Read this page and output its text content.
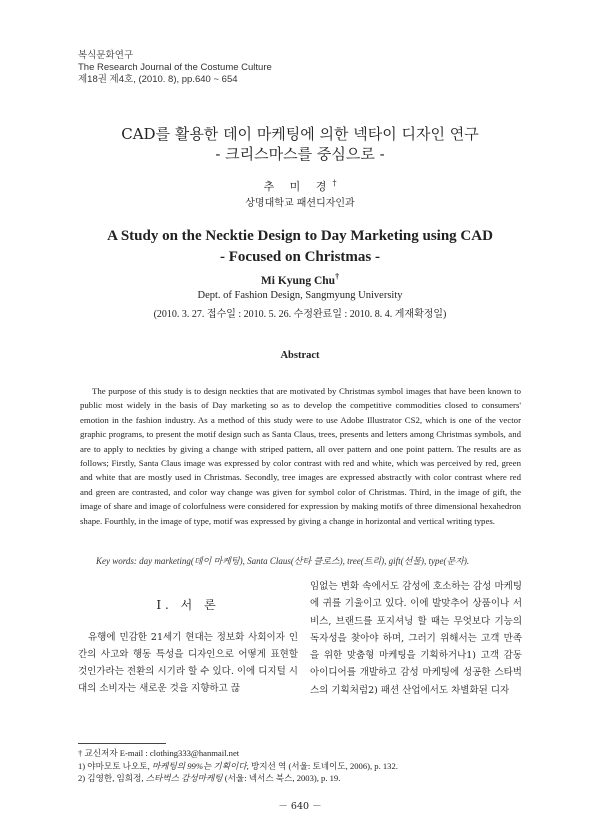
복식문화연구
The Research Journal of the Costume Culture
제18권 제4호, (2010. 8), pp.640 ~ 654
CAD를 활용한 데이 마케팅에 의한 넥타이 디자인 연구
- 크리스마스를 중심으로 -
추 미 경†
상명대학교 패션디자인과
A Study on the Necktie Design to Day Marketing using CAD
- Focused on Christmas -
Mi Kyung Chu†
Dept. of Fashion Design, Sangmyung University
(2010. 3. 27. 접수일 : 2010. 5. 26. 수정완료일 : 2010. 8. 4. 게재확정일)
Abstract
The purpose of this study is to design neckties that are motivated by Christmas symbol images that have been known to public most widely in the basis of Day marketing so as to develop the competitive commodities closed to consumers' emotion in the fashion industry. As a method of this study were to use Adobe Illustrator CS2, which is one of the vector graphic programs, to present the motif design such as Santa Claus, trees, presents and letters among Christmas symbols, and are to apply to neckties by giving a change with striped pattern, all over pattern and one point pattern. The results are as follows; Firstly, Santa Claus image was expressed by color contrast with red and white, which was perceived by red, green and white that are mostly used in Christmas. Secondly, tree images are expressed abstractly with color contrast where red and green are contrasted, and color way change was given for symbol color of Christmas. Third, in the image of gift, the image of share and image of colorfulness were considered for expression by making motifs of three dimensional hexahedron shape. Fourthly, in the image of type, motif was expressed by giving a change in horizontal and vertical writing types.
Key words: day marketing(데이 마케팅), Santa Claus(산타 클로스), tree(트리), gift(선물), type(문자).
Ⅰ. 서 론
유행에 민감한 21세기 현대는 정보화 사회이자 인간의 사고와 행동 특성을 디자인으로 어떻게 표현할 것인가라는 전환의 시기라 할 수 있다. 이에 디지털 시대의 소비자는 새로운 것을 지향하고 끊
임없는 변화 속에서도 감성에 호소하는 감성 마케팅에 귀를 기울이고 있다. 이에 발맞추어 상품이나 서비스, 브랜드를 포지셔닝 할 때는 무엇보다 기능의 독자성을 찾아야 하며, 그러기 위해서는 고객 만족을 위한 맞춤형 마케팅을 기획하거나1) 고객 감동 아이디어를 개발하고 감성 마케팅에 성공한 스타벅스의 기획처럼2) 패션 산업에서도 차별화된 디자
† 교신저자 E-mail : clothing333@hanmail.net
1) 야마모토 나오토, 마케팅의 99%는 기획이다, 방지선 역 (서울: 토네이도, 2006), p. 132.
2) 김영한, 임희정, 스타벅스 감성마케팅 (서울: 넥서스 북스, 2003), p. 19.
－ 640 －
